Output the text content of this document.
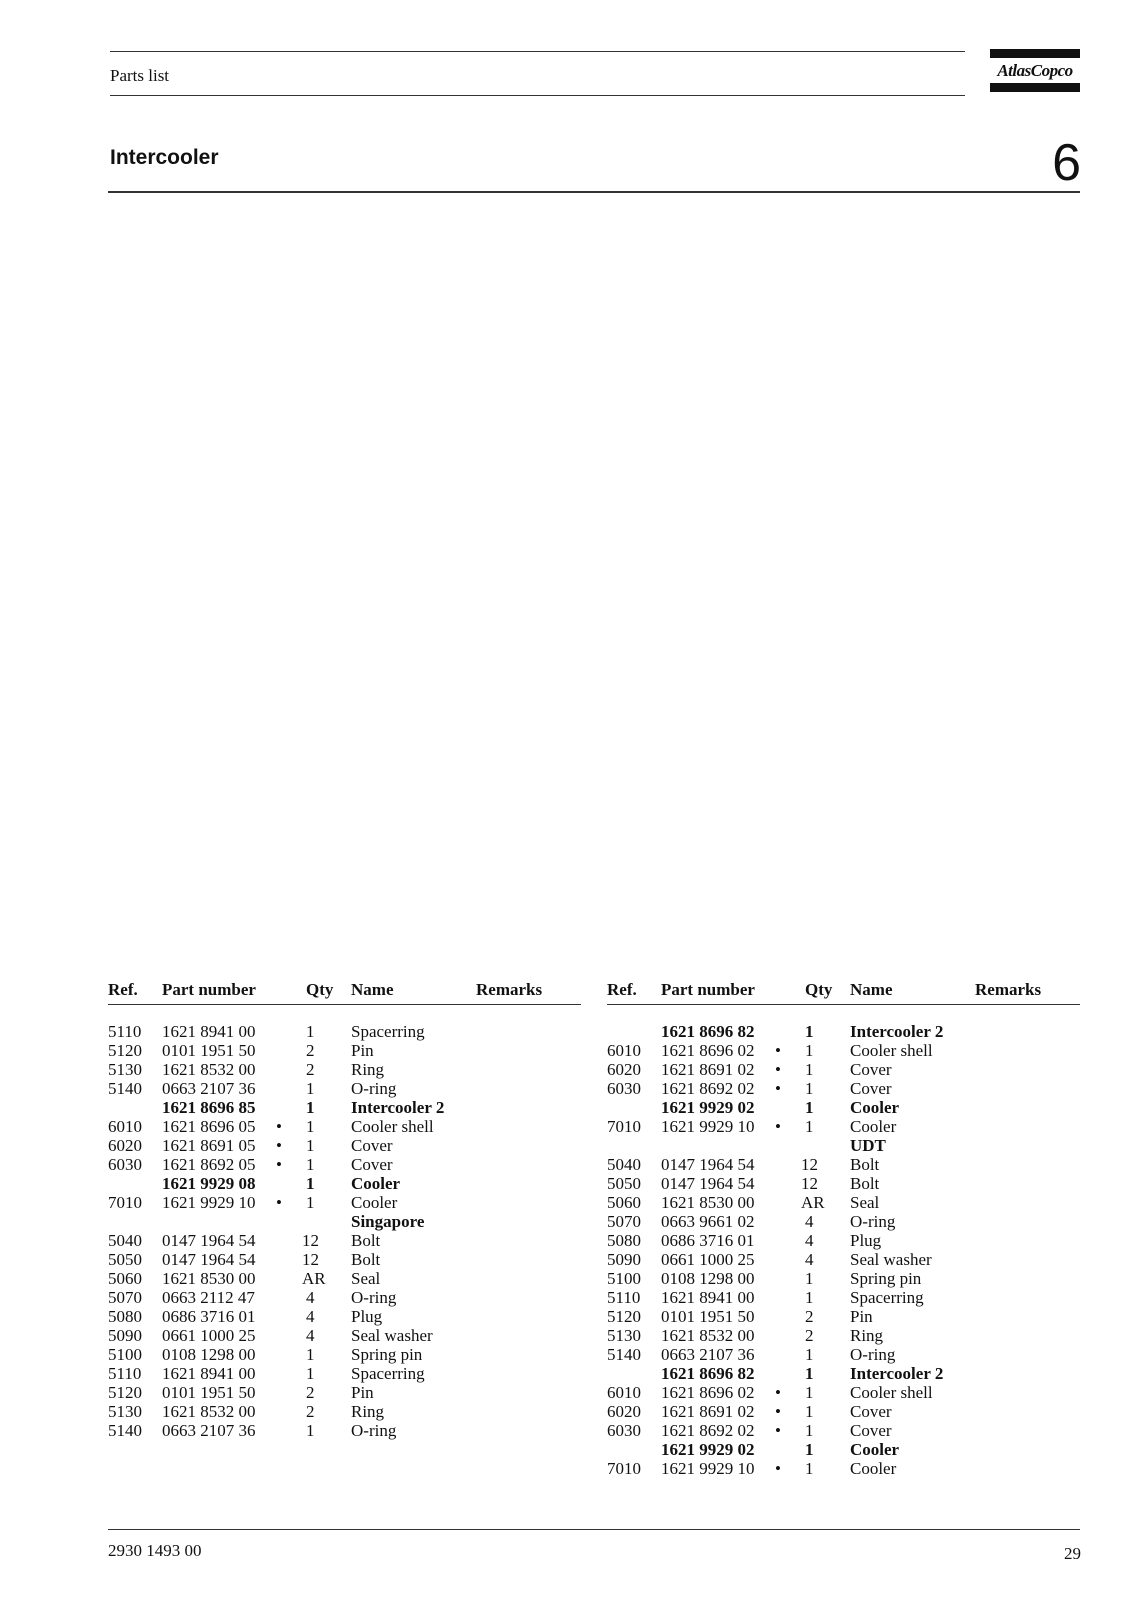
Parts list	AtlasCopco
Intercooler	6
Ref. Part number	Qty Name	Remarks
5110 1621 8941 00	1 Spacerring
5120 0101 1951 50	2 Pin
5130 1621 8532 00	2 Ring
5140 0663 2107 36	1 O-ring
1621 8696 85	1 Intercooler 2
6010 1621 8696 05 • 1 Cooler shell
6020 1621 8691 05 • 1 Cover
6030 1621 8692 05 • 1 Cover
1621 9929 08	1 Cooler
7010 1621 9929 10 • 1 Cooler
Singapore
5040 0147 1964 54	12 Bolt
5050 0147 1964 54	12 Bolt
5060 1621 8530 00	AR Seal
5070 0663 2112 47	4 O-ring
5080 0686 3716 01	4 Plug
5090 0661 1000 25	4 Seal washer
5100 0108 1298 00	1 Spring pin
5110 1621 8941 00	1 Spacerring
5120 0101 1951 50	2 Pin
5130 1621 8532 00	2 Ring
5140 0663 2107 36	1 O-ring
Ref. Part number	Qty Name	Remarks
1621 8696 82	1 Intercooler 2
6010 1621 8696 02 • 1 Cooler shell
6020 1621 8691 02 • 1 Cover
6030 1621 8692 02 • 1 Cover
1621 9929 02	1 Cooler
7010 1621 9929 10 • 1 Cooler
UDT
5040 0147 1964 54	12 Bolt
5050 0147 1964 54	12 Bolt
5060 1621 8530 00	AR Seal
5070 0663 9661 02	4 O-ring
5080 0686 3716 01	4 Plug
5090 0661 1000 25	4 Seal washer
5100 0108 1298 00	1 Spring pin
5110 1621 8941 00	1 Spacerring
5120 0101 1951 50	2 Pin
5130 1621 8532 00	2 Ring
5140 0663 2107 36	1 O-ring
1621 8696 82	1 Intercooler 2
6010 1621 8696 02 • 1 Cooler shell
6020 1621 8691 02 • 1 Cover
6030 1621 8692 02 • 1 Cover
1621 9929 02	1 Cooler
7010 1621 9929 10 • 1 Cooler
2930 1493 00	29
